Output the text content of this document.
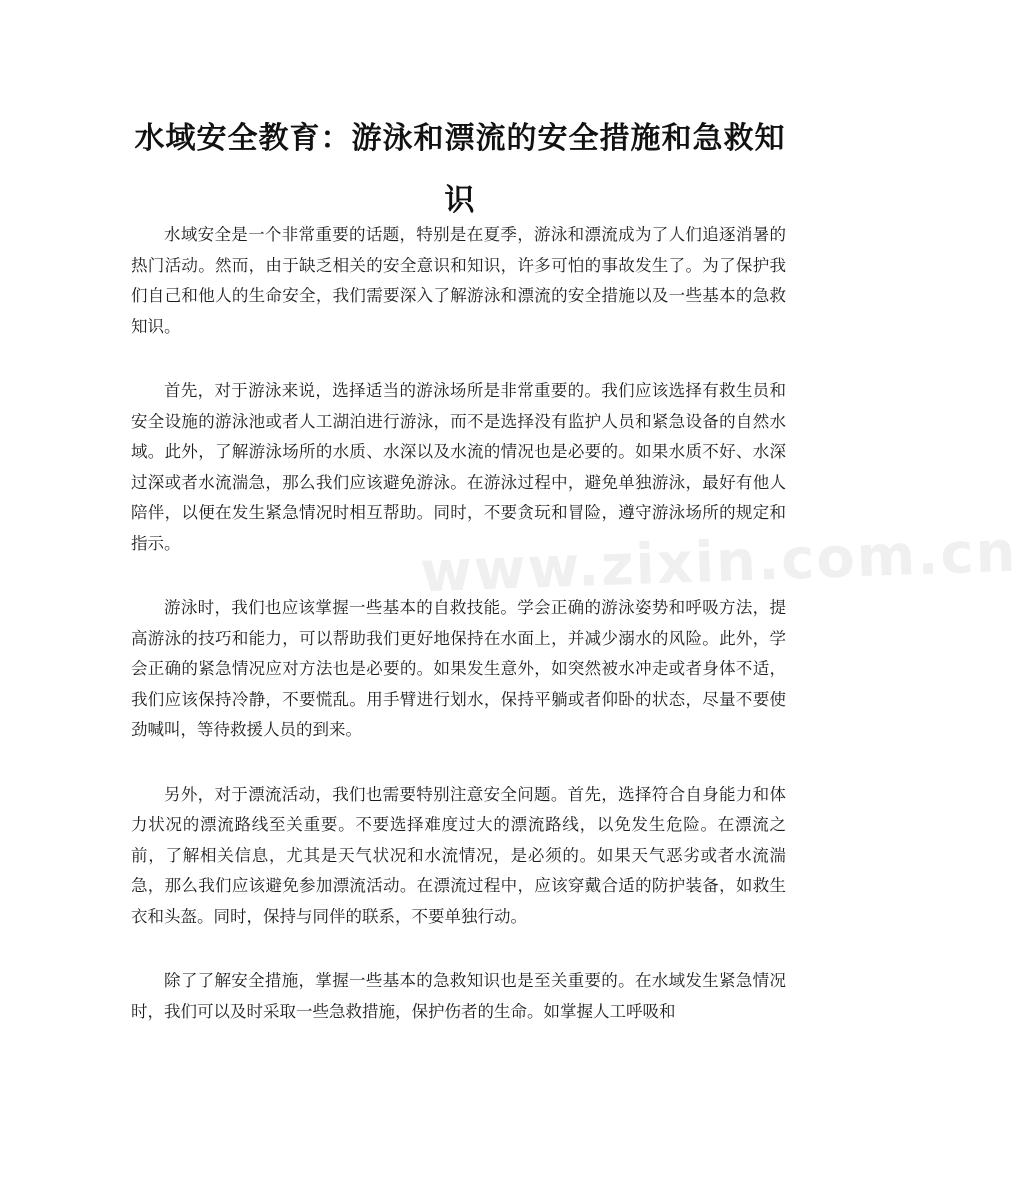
水域安全教育：游泳和漂流的安全措施和急救知识

水域安全是一个非常重要的话题，特别是在夏季，游泳和漂流成为了人们追逐消暑的热门活动。然而，由于缺乏相关的安全意识和知识，许多可怕的事故发生了。为了保护我们自己和他人的生命安全，我们需要深入了解游泳和漂流的安全措施以及一些基本的急救知识。

首先，对于游泳来说，选择适当的游泳场所是非常重要的。我们应该选择有救生员和安全设施的游泳池或者人工湖泊进行游泳，而不是选择没有监护人员和紧急设备的自然水域。此外，了解游泳场所的水质、水深以及水流的情况也是必要的。如果水质不好、水深过深或者水流湍急，那么我们应该避免游泳。在游泳过程中，避免单独游泳，最好有他人陪伴，以便在发生紧急情况时相互帮助。同时，不要贪玩和冒险，遵守游泳场所的规定和指示。

游泳时，我们也应该掌握一些基本的自救技能。学会正确的游泳姿势和呼吸方法，提高游泳的技巧和能力，可以帮助我们更好地保持在水面上，并减少溺水的风险。此外，学会正确的紧急情况应对方法也是必要的。如果发生意外，如突然被水冲走或者身体不适，我们应该保持冷静，不要慌乱。用手臂进行划水，保持平躺或者仰卧的状态，尽量不要使劲喊叫，等待救援人员的到来。

另外，对于漂流活动，我们也需要特别注意安全问题。首先，选择符合自身能力和体力状况的漂流路线至关重要。不要选择难度过大的漂流路线，以免发生危险。在漂流之前，了解相关信息，尤其是天气状况和水流情况，是必须的。如果天气恶劣或者水流湍急，那么我们应该避免参加漂流活动。在漂流过程中，应该穿戴合适的防护装备，如救生衣和头盔。同时，保持与同伴的联系，不要单独行动。

除了了解安全措施，掌握一些基本的急救知识也是至关重要的。在水域发生紧急情况时，我们可以及时采取一些急救措施，保护伤者的生命。如掌握人工呼吸和

www.zixin.com.cn
